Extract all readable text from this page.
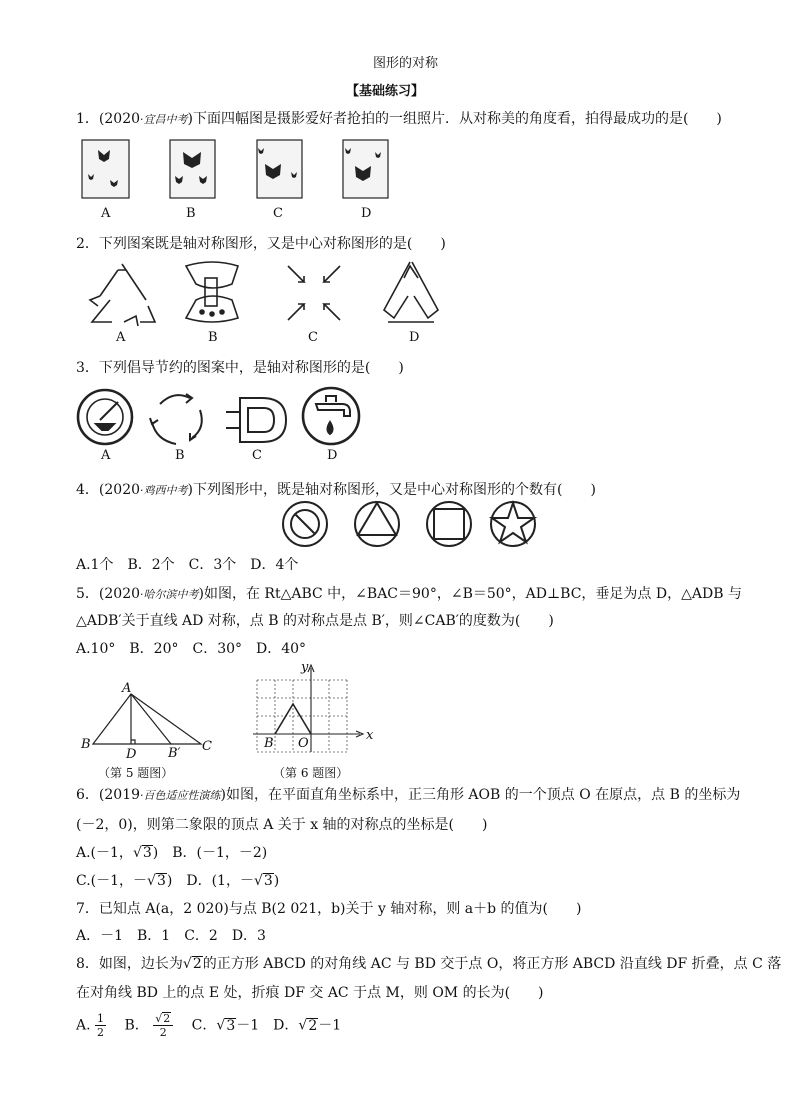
图形的对称
【基础练习】
1．(2020·宜昌中考)下面四幅图是摄影爱好者抢拍的一组照片．从对称美的角度看，拍得最成功的是(　　)
A	B	C	D
2．下列图案既是轴对称图形，又是中心对称图形的是(　　)
A	B	C	D
3．下列倡导节约的图案中，是轴对称图形的是(　　)
A	B	C	D
4．(2020·鸡西中考)下列图形中，既是轴对称图形，又是中心对称图形的个数有(　　)
A.1个　B．2个　C．3个　D．4个
5．(2020·哈尔滨中考)如图，在 Rt△ABC 中，∠BAC＝90°，∠B＝50°，AD⊥BC，垂足为点 D，△ADB 与
△ADB′关于直线 AD 对称，点 B 的对称点是点 B′，则∠CAB′的度数为(　　)
A.10°　B．20°　C．30°　D．40°
A
B
D B′ C
（第 5 题图）
y
x
B O
（第 6 题图）
6．(2019·百色适应性演练)如图，在平面直角坐标系中，正三角形 AOB 的一个顶点 O 在原点，点 B 的坐标为
(－2，0)，则第二象限的顶点 A 关于 x 轴的对称点的坐标是(　　)
A.(－1，√3)　B．(－1，－2)
C.(－1，－√3)　D．(1，－√3)
7．已知点 A(a，2 020)与点 B(2 021，b)关于 y 轴对称，则 a＋b 的值为(　　)
A．－1　B．1　C．2　D．3
8．如图，边长为√2的正方形 ABCD 的对角线 AC 与 BD 交于点 O，将正方形 ABCD 沿直线 DF 折叠，点 C 落
在对角线 BD 上的点 E 处，折痕 DF 交 AC 于点 M，则 OM 的长为(　　)
A. $\frac{1}{2}$ 　B． $\frac{√2}{2}$ 　C．√3－1　D．√2－1
